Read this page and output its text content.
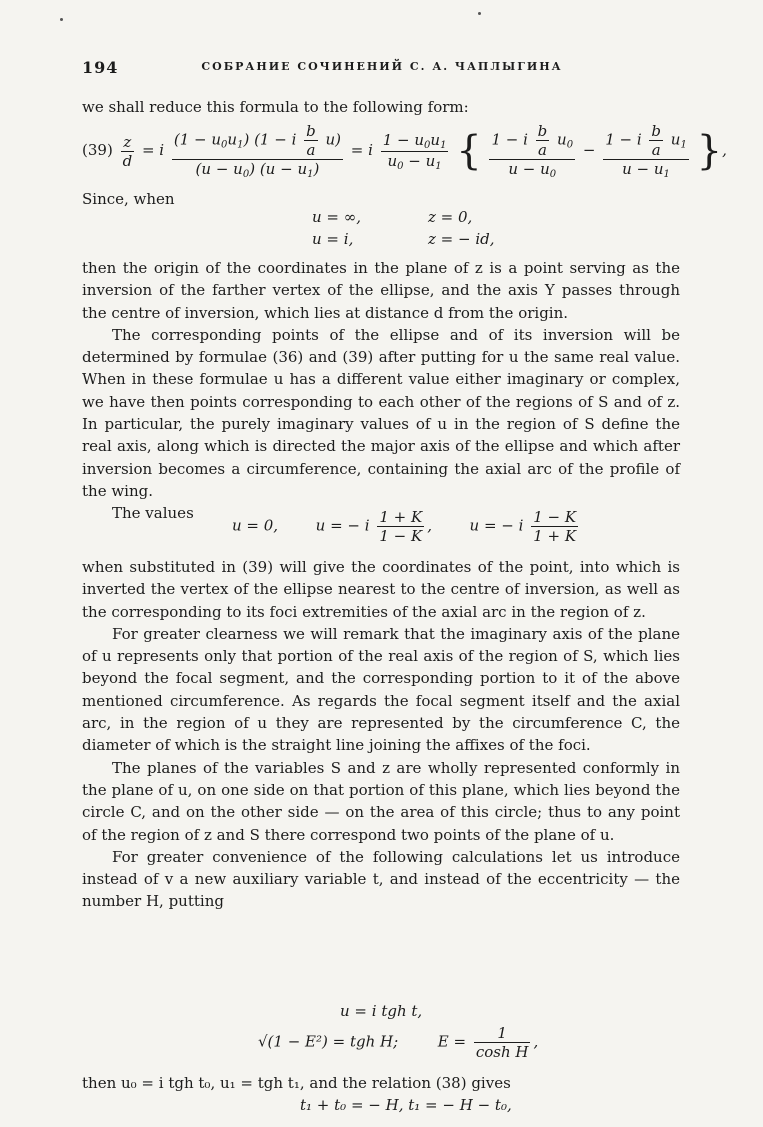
194	СОБРАНИЕ СОЧИНЕНИЙ С. А. ЧАПЛЫГИНА

we shall reduce this formula to the following form:

$(39) \frac{z}{d} = i \frac{(1 - u_0u_1) (1 - i \frac{b}{a} u)}{(u - u_0) (u - u_1)} = i \frac{1 - u_0u_1}{u_0 - u_1}$ { $\frac{1 - i \frac{b}{a} u_0}{u - u_0} - \frac{1 - i \frac{b}{a} u_1}{u - u_1}$ },

Since, when

u = ∞,	z = 0,
u = i,	z = − id,

then the origin of the coordinates in the plane of z is a point serving as the inversion of the farther vertex of the ellipse, and the axis Y passes through the centre of inversion, which lies at distance d from the origin.

The corresponding points of the ellipse and of its inversion will be determined by formulae (36) and (39) after putting for u the same real value. When in these formulae u has a different value either imaginary or complex, we have then points corresponding to each other of the regions of S and of z. In particular, the purely imaginary values of u in the region of S define the real axis, along which is directed the major axis of the ellipse and which after inversion becomes a circumference, containing the axial arc of the profile of the wing.

The values

u = 0,	u = − i $\frac{1 + K}{1 - K}$ ,  u = − i $\frac{1 - K}{1 + K}$

when substituted in (39) will give the coordinates of the point, into which is inverted the vertex of the ellipse nearest to the centre of inversion, as well as the corresponding to its foci extremities of the axial arc in the region of z.

For greater clearness we will remark that the imaginary axis of the plane of u represents only that portion of the real axis of the region of S, which lies beyond the focal segment, and the corresponding portion to it of the above mentioned circumference. As regards the focal segment itself and the axial arc, in the region of u they are represented by the circumference C, the diameter of which is the straight line joining the affixes of the foci.

The planes of the variables S and z are wholly represented conformly in the plane of u, on one side on that portion of this plane, which lies beyond the circle C, and on the other side — on the area of this circle; thus to any point of the region of z and S there correspond two points of the plane of u.

For greater convenience of the following calculations let us introduce instead of v a new auxiliary variable t, and instead of the eccentricity — the number H, putting

u = i tgh t,
√(1 − E²) = tgh H;	$E = \frac{1}{\text{cosh H}}$ ,

then u₀ = i tgh t₀, u₁ = tgh t₁, and the relation (38) gives

t₁ + t₀ = − H, t₁ = − H − t₀,
